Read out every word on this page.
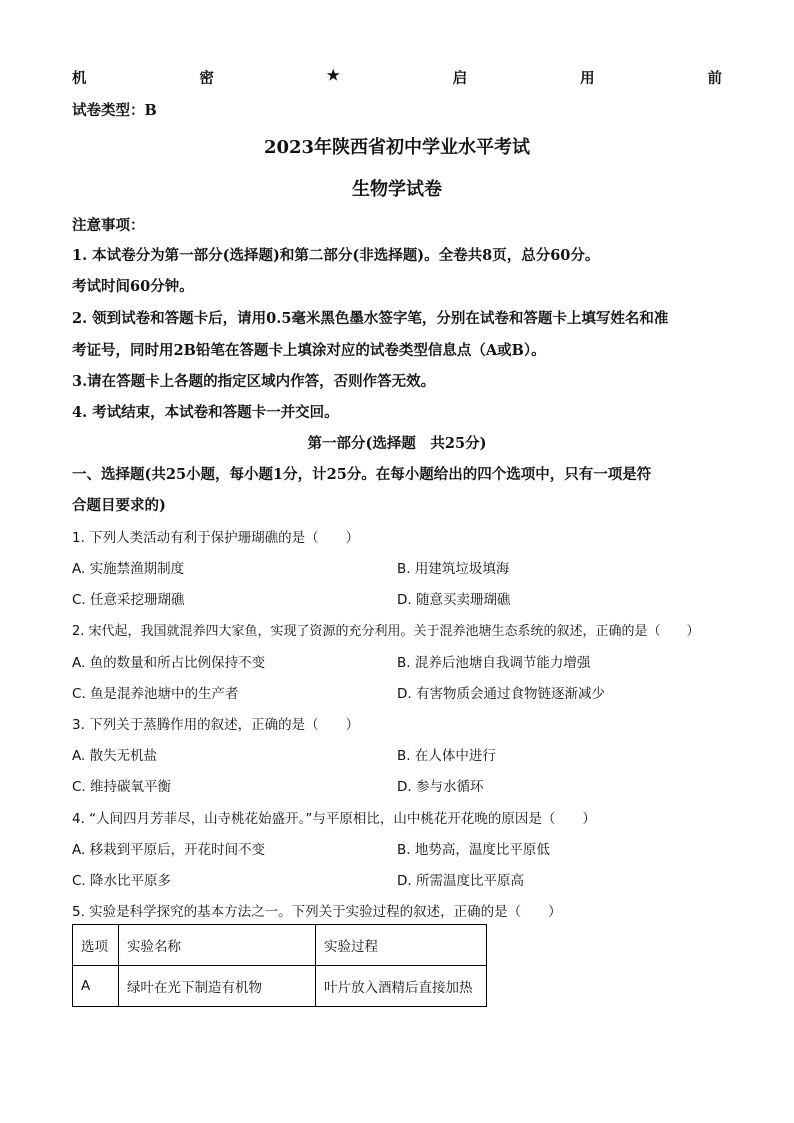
机	密	★	启	用	前
试卷类型：B
2023年陕西省初中学业水平考试
生物学试卷
注意事项：
1. 本试卷分为第一部分(选择题)和第二部分(非选择题)。全卷共8页，总分60分。
考试时间60分钟。
2. 领到试卷和答题卡后，请用0.5毫米黑色墨水签字笔，分别在试卷和答题卡上填写姓名和准
考证号，同时用2B铅笔在答题卡上填涂对应的试卷类型信息点（A或B）。
3.请在答题卡上各题的指定区域内作答，否则作答无效。
4. 考试结束，本试卷和答题卡一并交回。
第一部分(选择题　共25分)
一、选择题(共25小题，每小题1分，计25分。在每小题给出的四个选项中，只有一项是符
合题目要求的)
1. 下列人类活动有利于保护珊瑚礁的是（　　）
A. 实施禁渔期制度	B. 用建筑垃圾填海
C. 任意采挖珊瑚礁	D. 随意买卖珊瑚礁
2. 宋代起，我国就混养四大家鱼，实现了资源的充分利用。关于混养池塘生态系统的叙述，正确的是（　　）
A. 鱼的数量和所占比例保持不变	B. 混养后池塘自我调节能力增强
C. 鱼是混养池塘中的生产者	D. 有害物质会通过食物链逐渐减少
3. 下列关于蒸腾作用的叙述，正确的是（　　）
A. 散失无机盐	B. 在人体中进行
C. 维持碳氧平衡	D. 参与水循环
4. “人间四月芳菲尽，山寺桃花始盛开。”与平原相比，山中桃花开花晚的原因是（　　）
A. 移栽到平原后，开花时间不变	B. 地势高，温度比平原低
C. 降水比平原多	D. 所需温度比平原高
5. 实验是科学探究的基本方法之一。下列关于实验过程的叙述，正确的是（　　）
选项	实验名称	实验过程
A	绿叶在光下制造有机物	叶片放入酒精后直接加热
